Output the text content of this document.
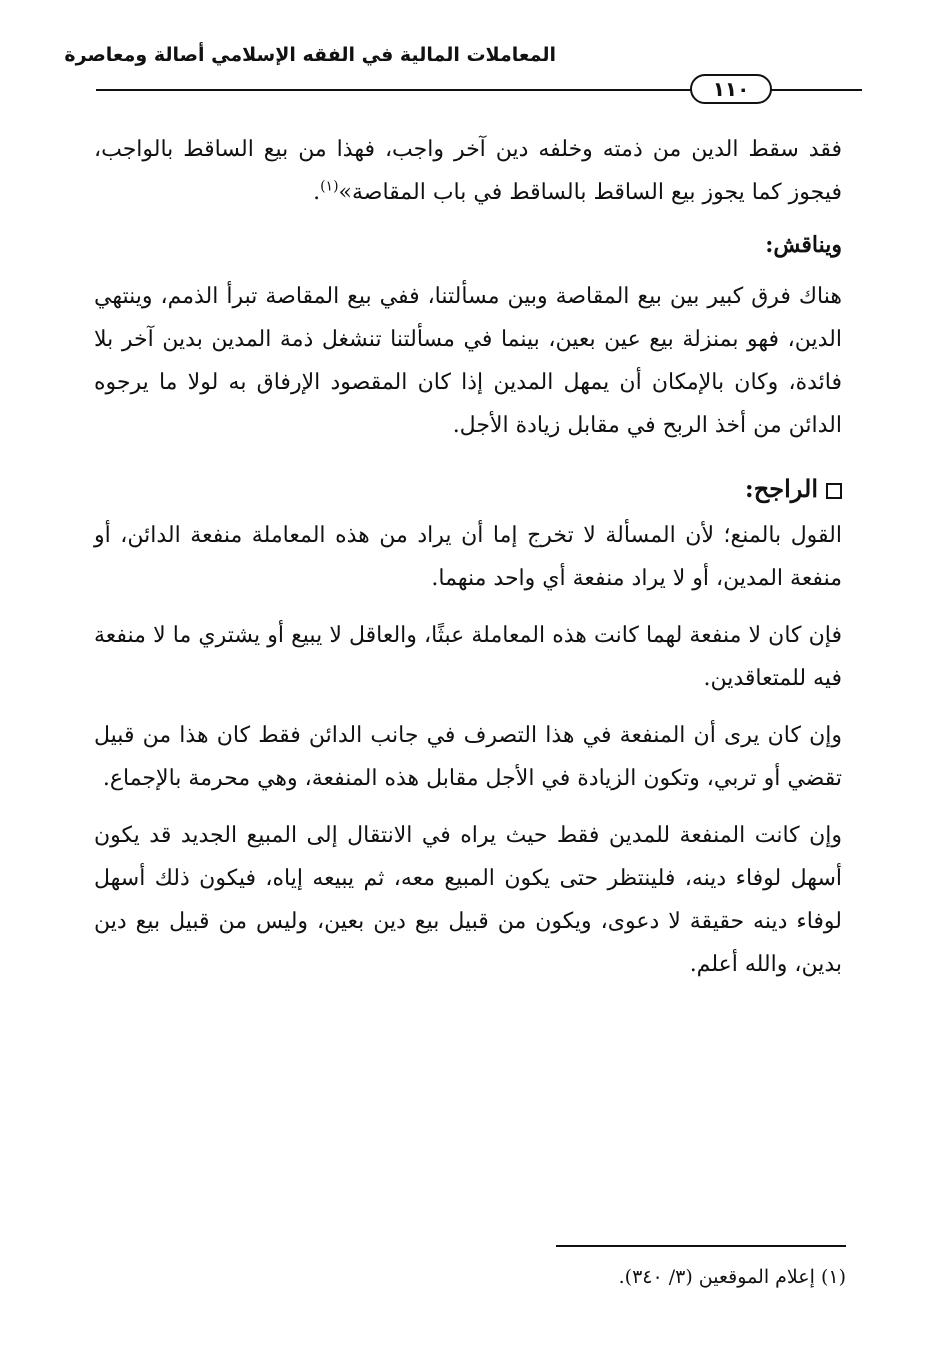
المعاملات المالية في الفقه الإسلامي أصالة ومعاصرة
١١٠

فقد سقط الدين من ذمته وخلفه دين آخر واجب، فهذا من بيع الساقط بالواجب، فيجوز كما يجوز بيع الساقط بالساقط في باب المقاصة»$^{(١)}$.

ويناقش:

هناك فرق كبير بين بيع المقاصة وبين مسألتنا، ففي بيع المقاصة تبرأ الذمم، وينتهي الدين، فهو بمنزلة بيع عين بعين، بينما في مسألتنا تنشغل ذمة المدين بدين آخر بلا فائدة، وكان بالإمكان أن يمهل المدين إذا كان المقصود الإرفاق به لولا ما يرجوه الدائن من أخذ الربح في مقابل زيادة الأجل.

الراجح:

القول بالمنع؛ لأن المسألة لا تخرج إما أن يراد من هذه المعاملة منفعة الدائن، أو منفعة المدين، أو لا يراد منفعة أي واحد منهما.

فإن كان لا منفعة لهما كانت هذه المعاملة عبثًا، والعاقل لا يبيع أو يشتري ما لا منفعة فيه للمتعاقدين.

وإن كان يرى أن المنفعة في هذا التصرف في جانب الدائن فقط كان هذا من قبيل تقضي أو تربي، وتكون الزيادة في الأجل مقابل هذه المنفعة، وهي محرمة بالإجماع.

وإن كانت المنفعة للمدين فقط حيث يراه في الانتقال إلى المبيع الجديد قد يكون أسهل لوفاء دينه، فلينتظر حتى يكون المبيع معه، ثم يبيعه إياه، فيكون ذلك أسهل لوفاء دينه حقيقة لا دعوى، ويكون من قبيل بيع دين بعين، وليس من قبيل بيع دين بدين، والله أعلم.

(١) إعلام الموقعين (٣/ ٣٤٠).
